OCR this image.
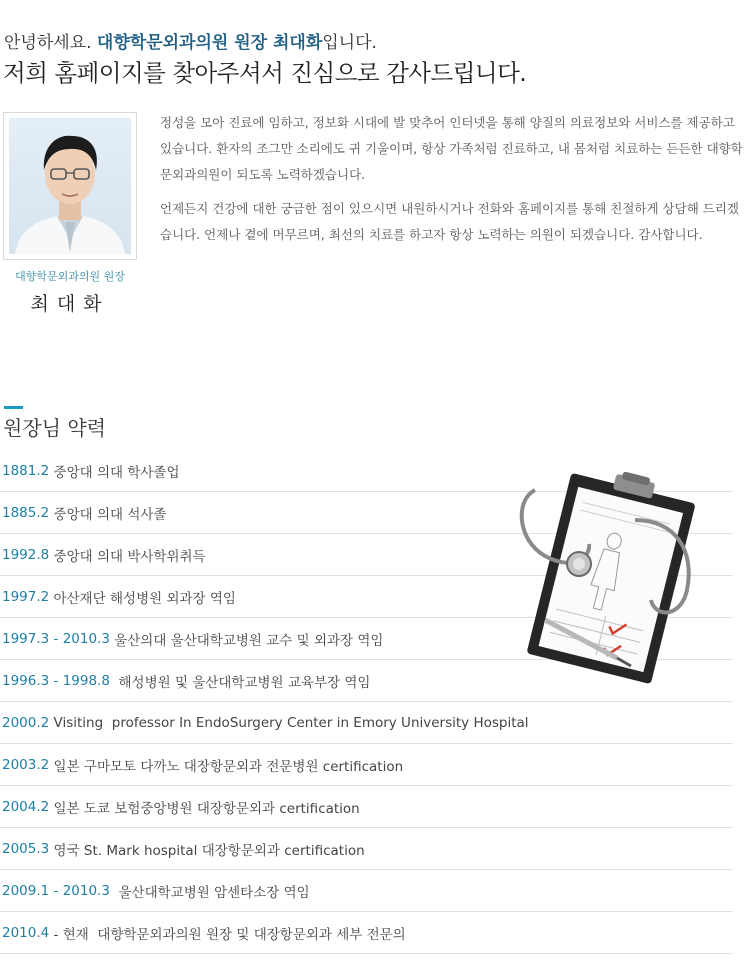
안녕하세요. 대향학문외과의원 원장 최대화입니다.
저희 홈페이지를 찾아주셔서 진심으로 감사드립니다.
대향학문외과의원 원장
최대화

정성을 모아 진료에 임하고, 정보화 시대에 발 맞추어 인터넷을 통해 양질의 의료정보와 서비스를 제공하고 있습니다. 환자의 조그만 소리에도 귀 기울이며, 항상 가족처럼 진료하고, 내 몸처럼 치료하는 든든한 대향학문외과의원이 되도록 노력하겠습니다.

언제든지 건강에 대한 궁금한 점이 있으시면 내원하시거나 전화와 홈페이지를 통해 친절하게 상담해 드리겠습니다. 언제나 곁에 머무르며, 최선의 치료를 하고자 항상 노력하는 의원이 되겠습니다. 감사합니다.

원장님 약력
1881.2 중앙대 의대 학사졸업
1885.2 중앙대 의대 석사졸
1992.8 중앙대 의대 박사학위취득
1997.2 아산재단 해성병원 외과장 역임
1997.3 - 2010.3 울산의대 울산대학교병원 교수 및 외과장 역임
1996.3 - 1998.8 해성병원 및 울산대학교병원 교육부장 역임
2000.2 Visiting  professor In EndoSurgery Center in Emory University Hospital
2003.2 일본 구마모토 다까노 대장항문외과 전문병원 certification
2004.2 일본 도쿄 보험중앙병원 대장항문외과 certification
2005.3 영국 St. Mark hospital 대장항문외과 certification
2009.1 - 2010.3 울산대학교병원 암센타소장 역임
2010.4 - 현재  대향학문외과의원 원장 및 대장항문외과 세부 전문의
